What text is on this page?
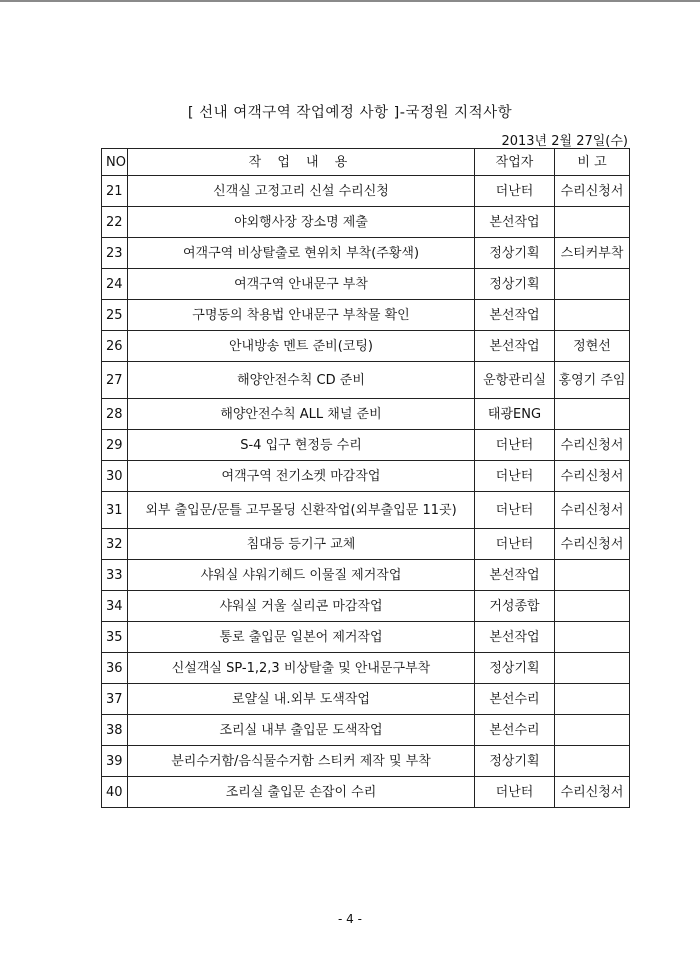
[ 선내 여객구역 작업예정 사항 ]-국정원 지적사항
2013년 2월 27일(수)
NO	작 업 내 용	작업자	비 고
21	신객실 고정고리 신설 수리신청	더난터	수리신청서
22	야외행사장 장소명 제출	본선작업	
23	여객구역 비상탈출로 현위치 부착(주황색)	정상기획	스티커부착
24	여객구역 안내문구 부착	정상기획	
25	구명동의 착용법 안내문구 부착물 확인	본선작업	
26	안내방송 멘트 준비(코팅)	본선작업	정현선
27	해양안전수칙 CD 준비	운항관리실	홍영기 주임
28	해양안전수칙 ALL 채널 준비	태광ENG	
29	S-4 입구 현정등 수리	더난터	수리신청서
30	여객구역 전기소켓 마감작업	더난터	수리신청서
31	외부 출입문/문틀 고무몰딩 신환작업(외부출입문 11곳)	더난터	수리신청서
32	침대등 등기구 교체	더난터	수리신청서
33	샤워실 샤워기헤드 이물질 제거작업	본선작업	
34	샤워실 거울 실리콘 마감작업	거성종합	
35	통로 출입문 일본어 제거작업	본선작업	
36	신설객실 SP-1,2,3 비상탈출 및 안내문구부착	정상기획	
37	로얄실 내.외부 도색작업	본선수리	
38	조리실 내부 출입문 도색작업	본선수리	
39	분리수거함/음식물수거함 스티커 제작 및 부착	정상기획	
40	조리실 출입문 손잡이 수리	더난터	수리신청서
- 4 -
